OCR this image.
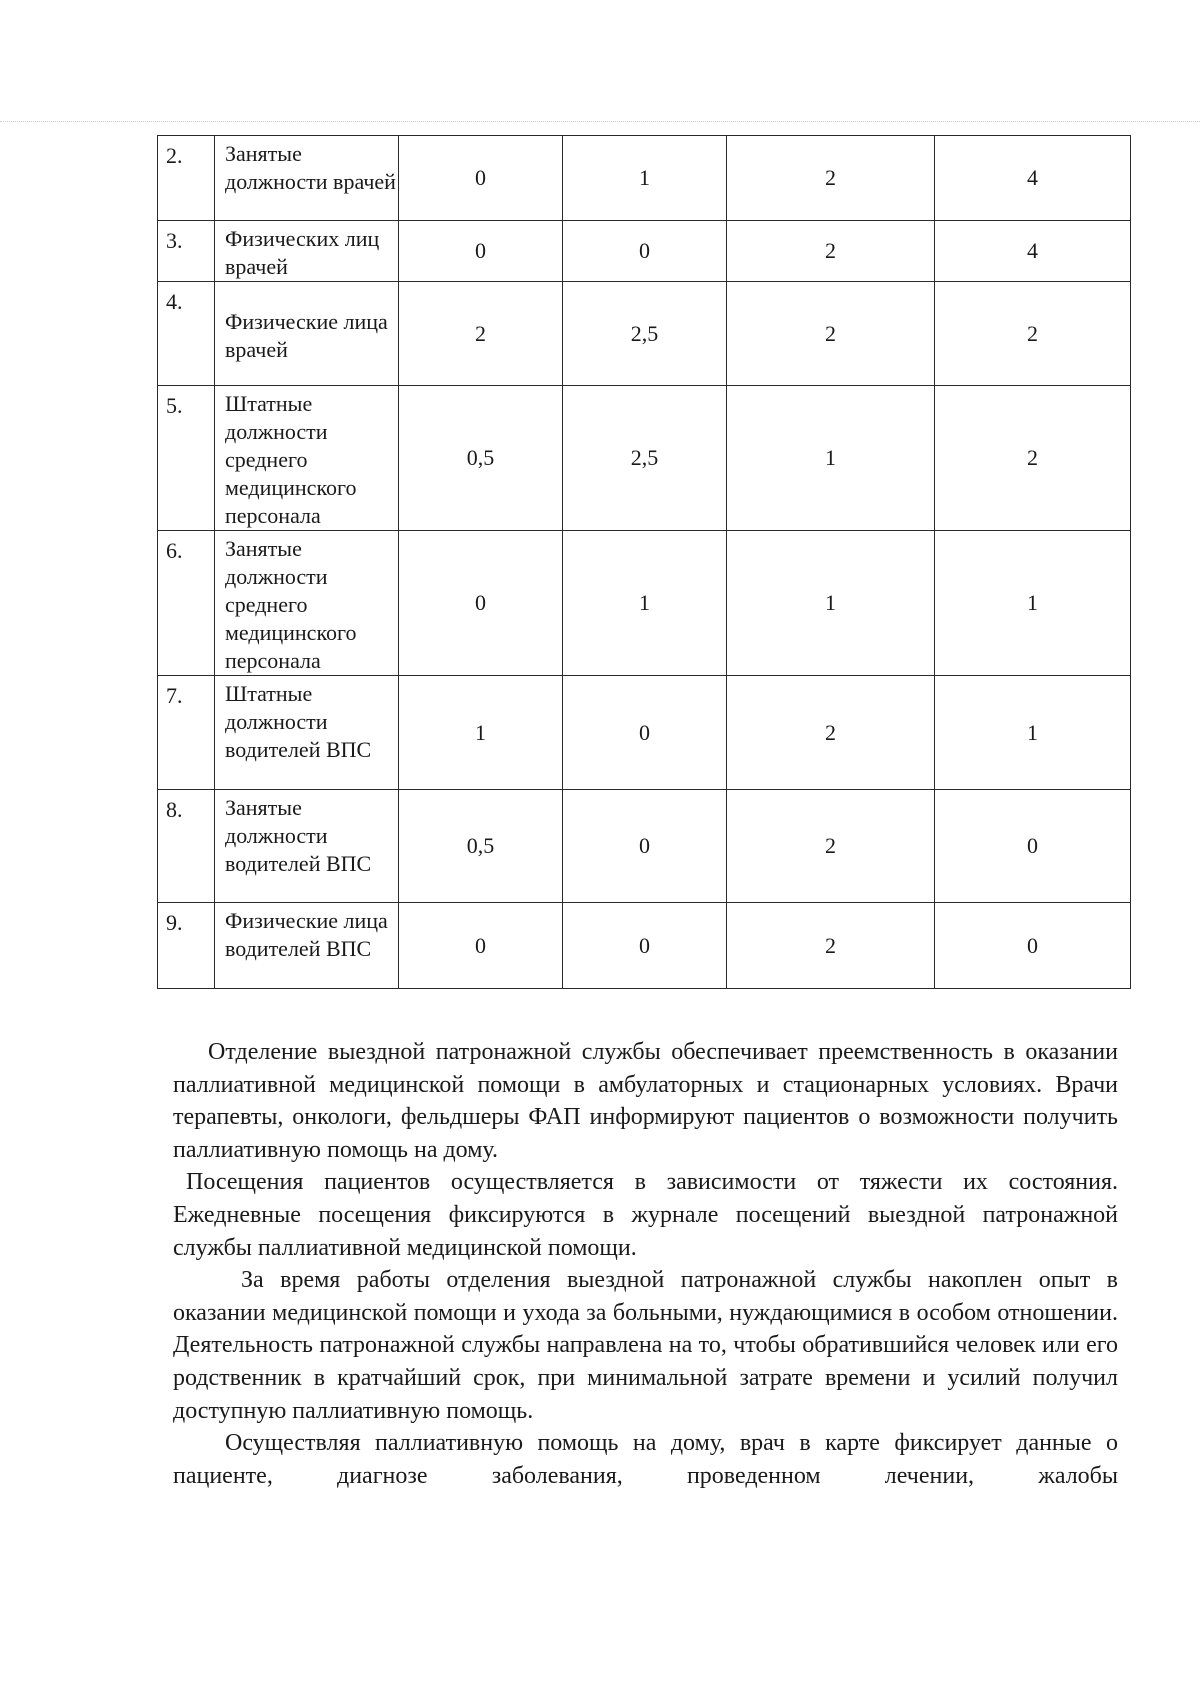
2.	Занятые должности врачей	0	1	2	4
3.	Физических лиц врачей	0	0	2	4
4.	Физические лица врачей	2	2,5	2	2
5.	Штатные должности среднего медицинского персонала	0,5	2,5	1	2
6.	Занятые должности среднего медицинского персонала	0	1	1	1
7.	Штатные должности водителей ВПС	1	0	2	1
8.	Занятые должности водителей ВПС	0,5	0	2	0
9.	Физические лица водителей ВПС	0	0	2	0

Отделение выездной патронажной службы обеспечивает преемственность в оказании паллиативной медицинской помощи в амбулаторных и стационарных условиях. Врачи терапевты, онкологи, фельдшеры ФАП информируют пациентов о возможности получить паллиативную помощь на дому.

Посещения пациентов осуществляется в зависимости от тяжести их состояния. Ежедневные посещения фиксируются в журнале посещений выездной патронажной службы паллиативной медицинской помощи.

За время работы отделения выездной патронажной службы накоплен опыт в оказании медицинской помощи и ухода за больными, нуждающимися в особом отношении. Деятельность патронажной службы направлена на то, чтобы обратившийся человек или его родственник в кратчайший срок, при минимальной затрате времени и усилий получил доступную паллиативную помощь.

Осуществляя паллиативную помощь на дому, врач в карте фиксирует данные о пациенте, диагнозе заболевания, проведенном лечении, жалобы
